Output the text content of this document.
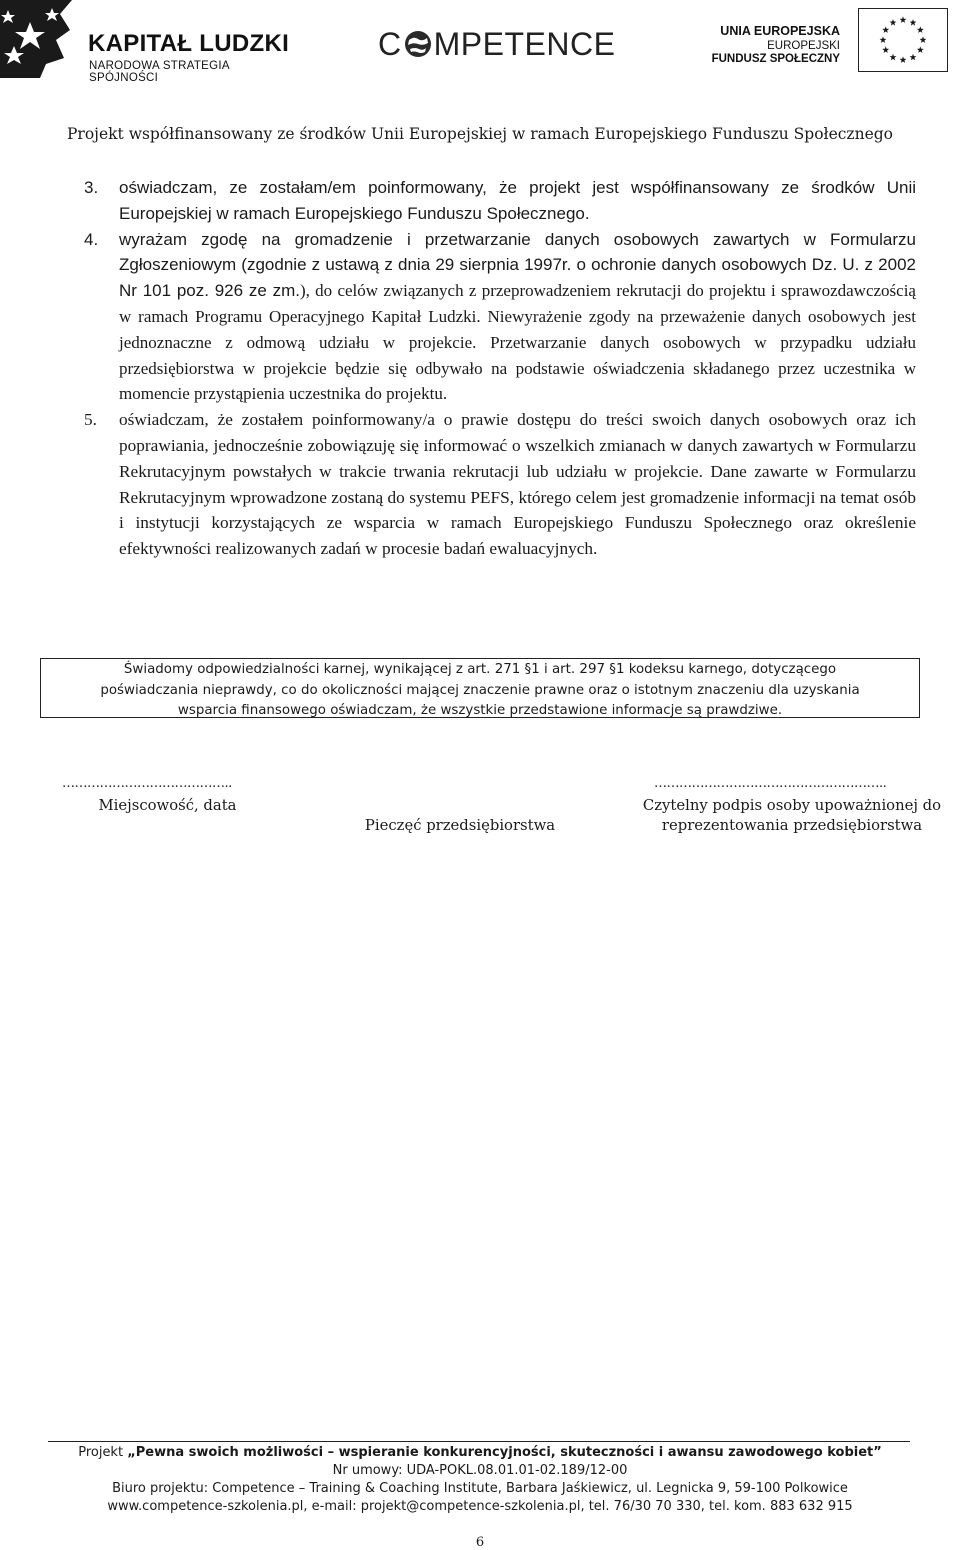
KAPITAŁ LUDZKI
NARODOWA STRATEGIA SPÓJNOŚCI
C MPETENCE	UNIA EUROPEJSKA
EUROPEJSKI
FUNDUSZ SPOŁECZNY
Projekt współfinansowany ze środków Unii Europejskiej w ramach Europejskiego Funduszu Społecznego
3. oświadczam, ze zostałam/em poinformowany, że projekt jest współfinansowany ze środków Unii Europejskiej w ramach Europejskiego Funduszu Społecznego.
4. wyrażam zgodę na gromadzenie i przetwarzanie danych osobowych zawartych w Formularzu Zgłoszeniowym (zgodnie z ustawą z dnia 29 sierpnia 1997r. o ochronie danych osobowych Dz. U. z 2002 Nr 101 poz. 926 ze zm.), do celów związanych z przeprowadzeniem rekrutacji do projektu i sprawozdawczością w ramach Programu Operacyjnego Kapitał Ludzki. Niewyrażenie zgody na przeważenie danych osobowych jest jednoznaczne z odmową udziału w projekcie. Przetwarzanie danych osobowych w przypadku udziału przedsiębiorstwa w projekcie będzie się odbywało na podstawie oświadczenia składanego przez uczestnika w momencie przystąpienia uczestnika do projektu.
5. oświadczam, że zostałem poinformowany/a o prawie dostępu do treści swoich danych osobowych oraz ich poprawiania, jednocześnie zobowiązuję się informować o wszelkich zmianach w danych zawartych w Formularzu Rekrutacyjnym powstałych w trakcie trwania rekrutacji lub udziału w projekcie. Dane zawarte w Formularzu Rekrutacyjnym wprowadzone zostaną do systemu PEFS, którego celem jest gromadzenie informacji na temat osób i instytucji korzystających ze wsparcia w ramach Europejskiego Funduszu Społecznego oraz określenie efektywności realizowanych zadań w procesie badań ewaluacyjnych.
Świadomy odpowiedzialności karnej, wynikającej z art. 271 §1 i art. 297 §1 kodeksu karnego, dotyczącego
poświadczania nieprawdy, co do okoliczności mającej znaczenie prawne oraz o istotnym znaczeniu dla uzyskania
wsparcia finansowego oświadczam, że wszystkie przedstawione informacje są prawdziwe.
…………………………………..	………………………………………………..
Miejscowość, data
Pieczęć przedsiębiorstwa
Czytelny podpis osoby upoważnionej do
reprezentowania przedsiębiorstwa
Projekt „Pewna swoich możliwości – wspieranie konkurencyjności, skuteczności i awansu zawodowego kobiet”
Nr umowy: UDA-POKL.08.01.01-02.189/12-00
Biuro projektu: Competence – Training & Coaching Institute, Barbara Jaśkiewicz, ul. Legnicka 9, 59-100 Polkowice
www.competence-szkolenia.pl, e-mail: projekt@competence-szkolenia.pl, tel. 76/30 70 330, tel. kom. 883 632 915
6
